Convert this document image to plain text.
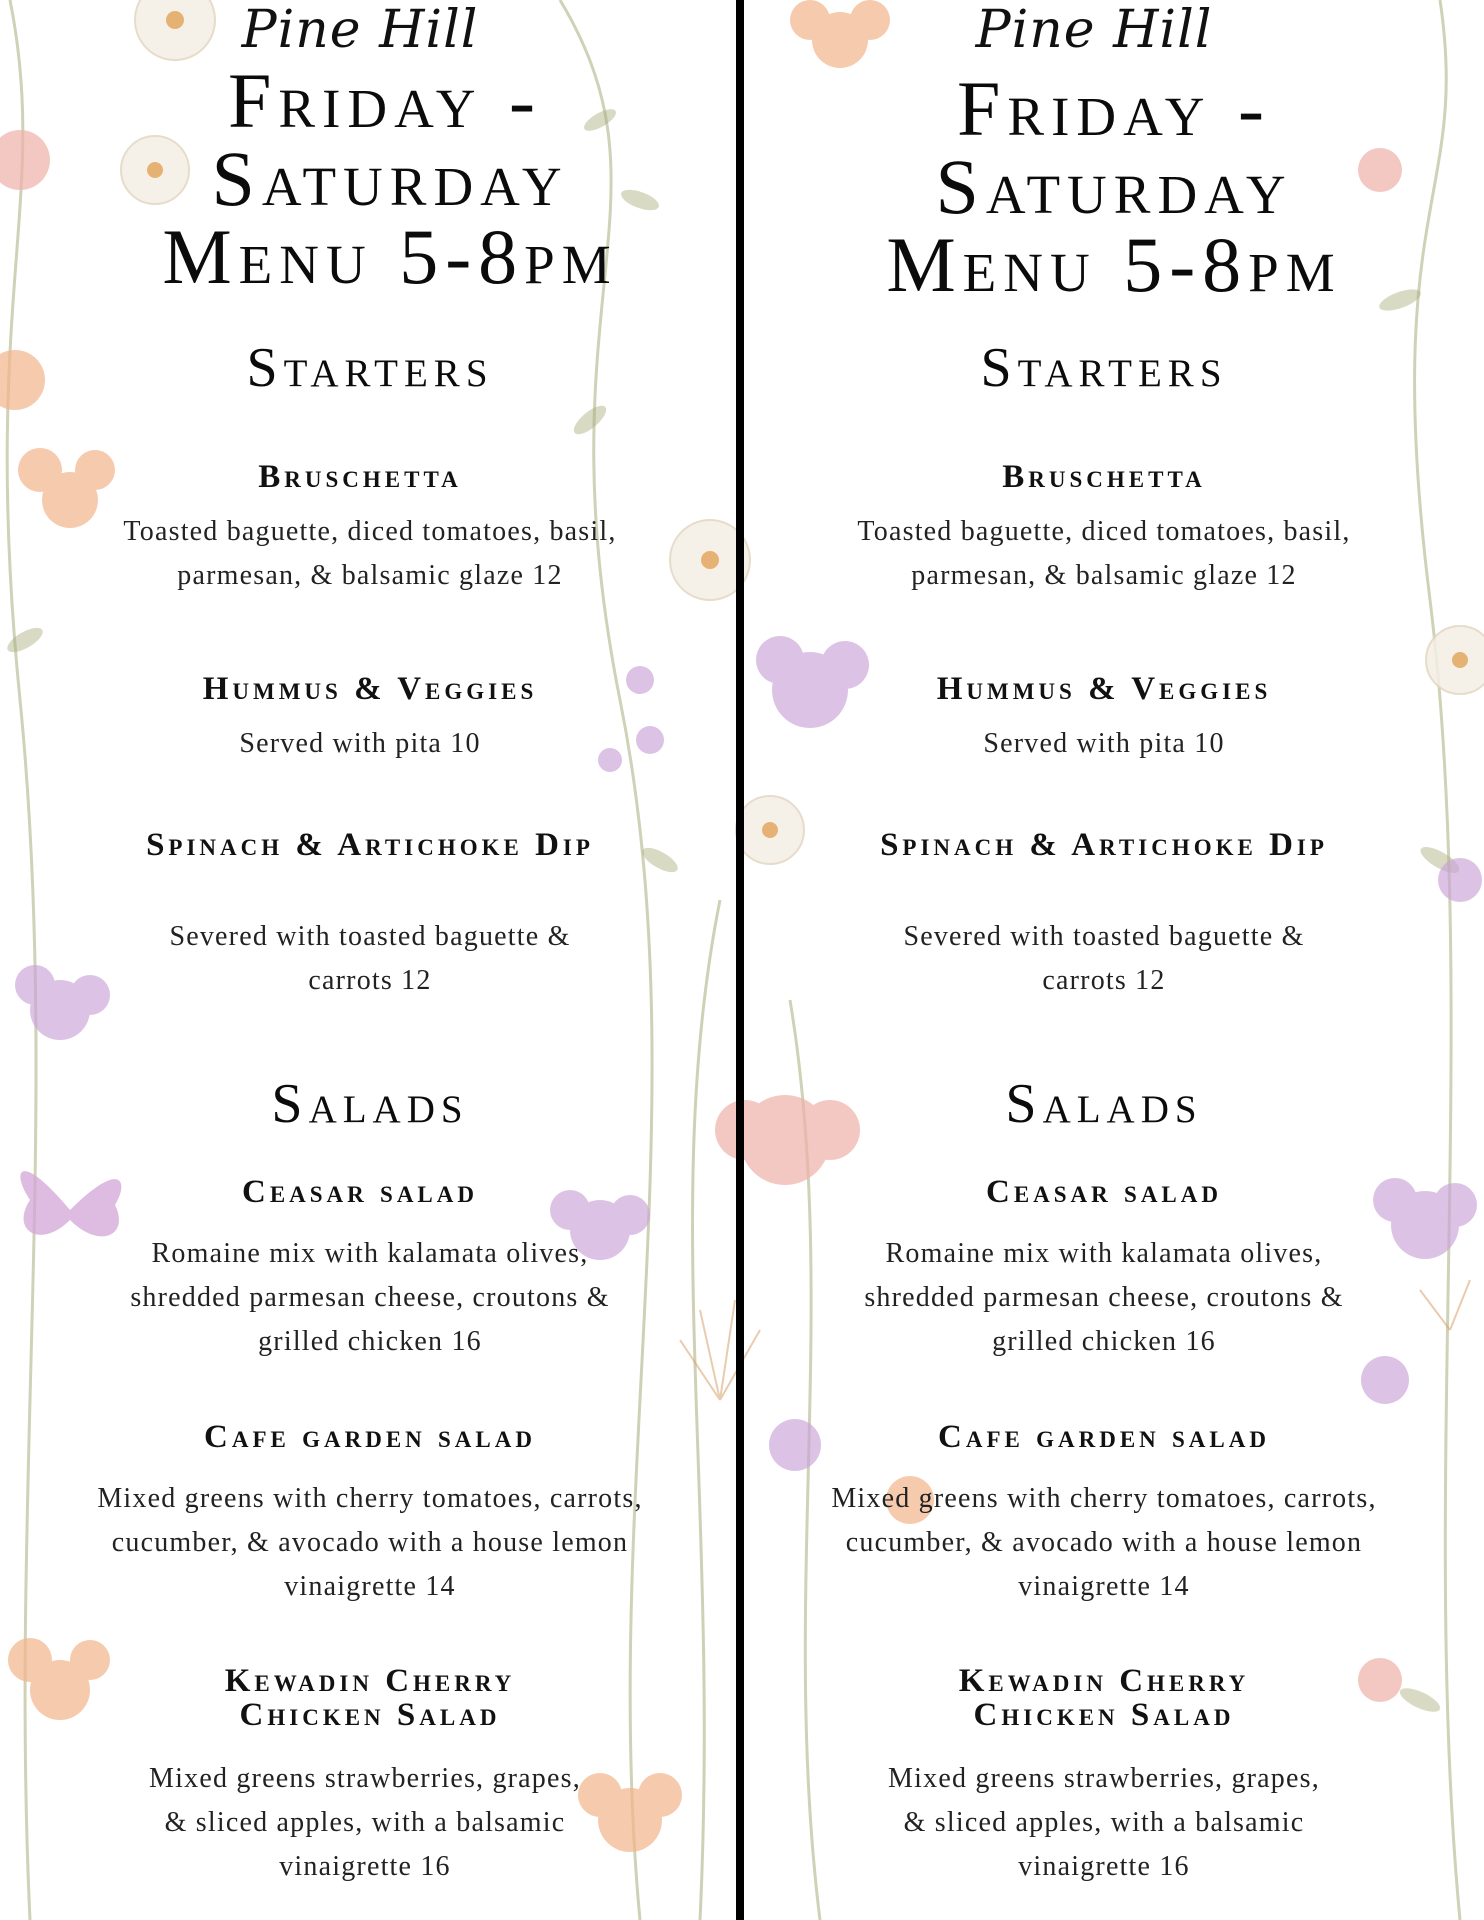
Pine Hill
Friday -
Saturday
Menu 5-8pm
Starters
Bruschetta
Toasted baguette, diced tomatoes, basil, parmesan, & balsamic glaze 12
Hummus & Veggies
Served with pita 10
Spinach & Artichoke Dip
Severed with toasted baguette & carrots 12
Salads
Ceasar salad
Romaine mix with kalamata olives, shredded parmesan cheese, croutons & grilled chicken 16
Cafe garden salad
Mixed greens with cherry tomatoes, carrots, cucumber, & avocado with a house lemon vinaigrette 14
Kewadin Cherry Chicken Salad
Mixed greens strawberries, grapes, & sliced apples, with a balsamic vinaigrette 16
Pine Hill
Friday -
Saturday
Menu 5-8pm
Starters
Bruschetta
Toasted baguette, diced tomatoes, basil, parmesan, & balsamic glaze 12
Hummus & Veggies
Served with pita 10
Spinach & Artichoke Dip
Severed with toasted baguette & carrots 12
Salads
Ceasar salad
Romaine mix with kalamata olives, shredded parmesan cheese, croutons & grilled chicken 16
Cafe garden salad
Mixed greens with cherry tomatoes, carrots, cucumber, & avocado with a house lemon vinaigrette 14
Kewadin Cherry Chicken Salad
Mixed greens strawberries, grapes, & sliced apples, with a balsamic vinaigrette 16
